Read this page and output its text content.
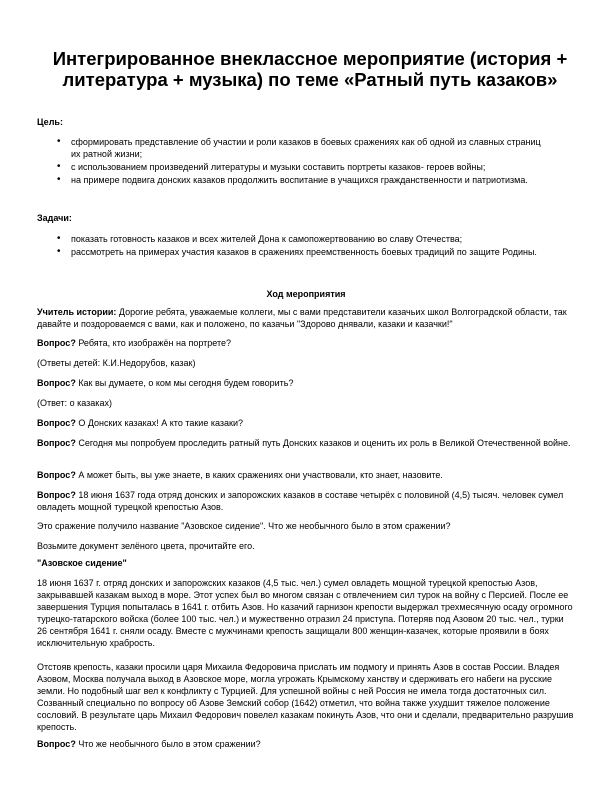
Интегрированное внеклассное мероприятие (история + литература + музыка) по теме «Ратный путь казаков»

Цель:

• сформировать представление об участии и роли казаков в боевых сражениях как об одной из славных страниц их ратной жизни;
• с использованием произведений литературы и музыки составить портреты казаков- героев войны;
• на примере подвига донских казаков продолжить воспитание в учащихся гражданственности и патриотизма.

Задачи:

• показать готовность казаков и всех жителей Дона к самопожертвованию во славу Отечества;
• рассмотреть на примерах участия казаков в сражениях преемственность боевых традиций по защите Родины.

Ход мероприятия

Учитель истории: Дорогие ребята, уважаемые коллеги, мы с вами представители казачьих школ Волгоградской области, так давайте и поздороваемся с вами, как и положено, по казачьи "Здорово днявали, казаки и казачки!"

Вопрос? Ребята, кто изображён на портрете?

(Ответы детей: К.И.Недорубов, казак)

Вопрос? Как вы думаете, о ком мы сегодня будем говорить?

(Ответ: о казаках)

Вопрос? О Донских казаках! А кто такие казаки?

Вопрос? Сегодня мы попробуем проследить ратный путь Донских казаков и оценить их роль в Великой Отечественной войне.

Вопрос? А может быть, вы уже знаете, в каких сражениях они участвовали, кто знает, назовите.

Вопрос? 18 июня 1637 года отряд донских и запорожских казаков в составе четырёх с половиной (4,5) тысяч. человек сумел овладеть мощной турецкой крепостью Азов.

Это сражение получило название "Азовское сидение". Что же необычного было в этом сражении?

Возьмите документ зелёного цвета, прочитайте его.

"Азовское сидение"

18 июня 1637 г. отряд донских и запорожских казаков (4,5 тыс. чел.) сумел овладеть мощной турецкой крепостью Азов, закрывавшей казакам выход в море. Этот успех был во многом связан с отвлечением сил турок на войну с Персией. После ее завершения Турция попыталась в 1641 г. отбить Азов. Но казачий гарнизон крепости выдержал трехмесячную осаду огромного турецко-татарского войска (более 100 тыс. чел.) и мужественно отразил 24 приступа. Потеряв под Азовом 20 тыс. чел., турки 26 сентября 1641 г. сняли осаду. Вместе с мужчинами крепость защищали 800 женщин-казачек, которые проявили в боях исключительную храбрость.

Отстояв крепость, казаки просили царя Михаила Федоровича прислать им подмогу и принять Азов в состав России. Владея Азовом, Москва получала выход в Азовское море, могла угрожать Крымскому ханству и сдерживать его набеги на русские земли. Но подобный шаг вел к конфликту с Турцией. Для успешной войны с ней Россия не имела тогда достаточных сил. Созванный специально по вопросу об Азове Земский собор (1642) отметил, что война также ухудшит тяжелое положение сословий. В результате царь Михаил Федорович повелел казакам покинуть Азов, что они и сделали, предварительно разрушив крепость.

Вопрос? Что же необычного было в этом сражении?
